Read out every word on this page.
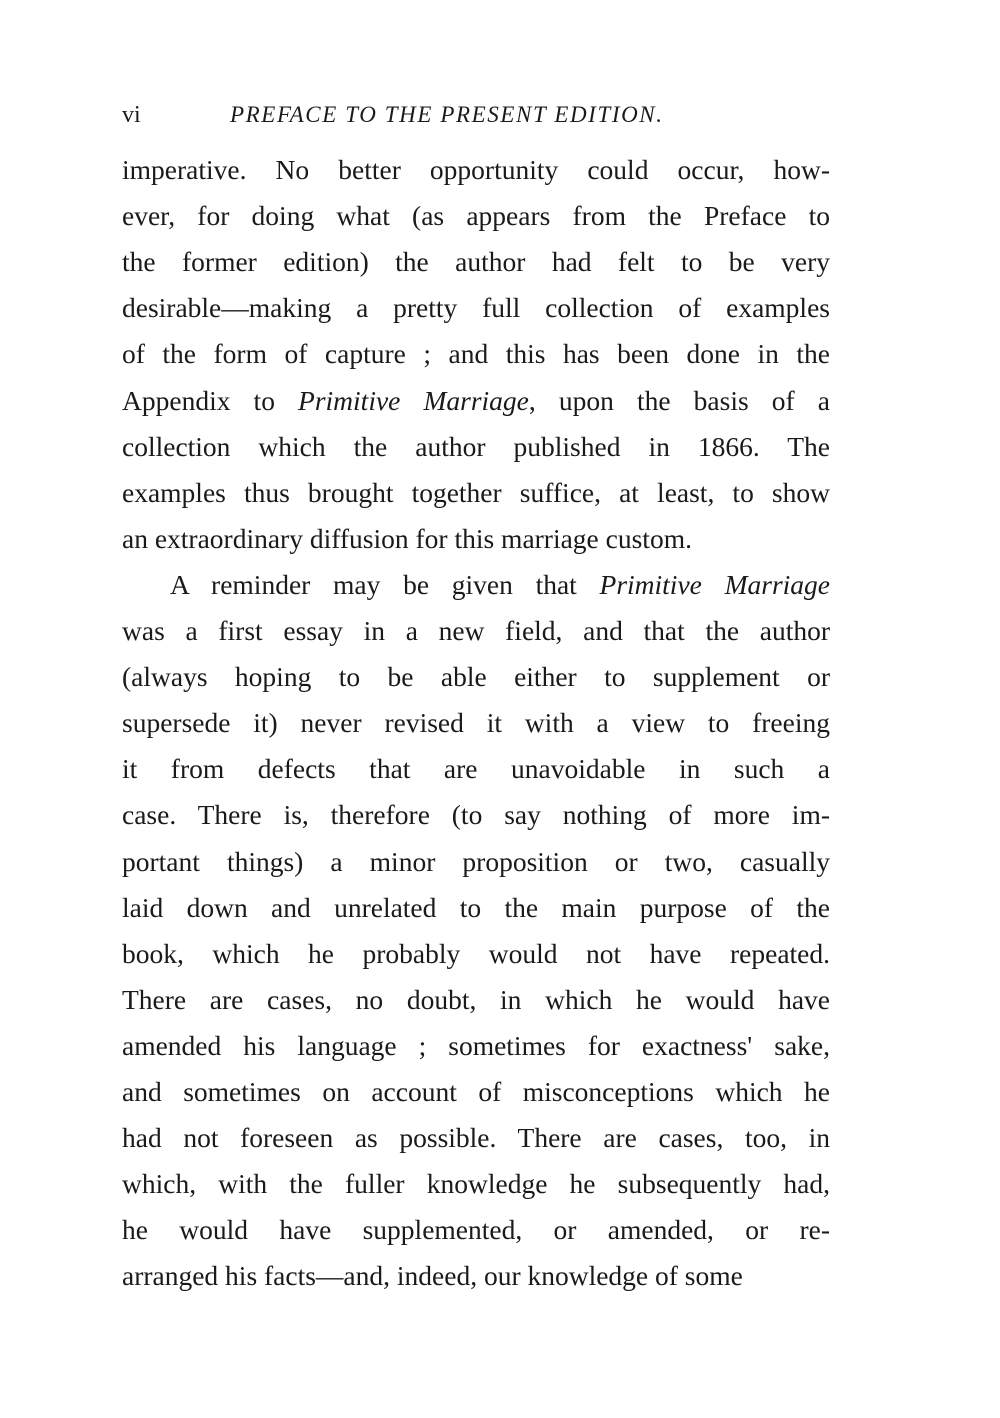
vi	PREFACE TO THE PRESENT EDITION.
imperative. No better opportunity could occur, how-
ever, for doing what (as appears from the Preface to
the former edition) the author had felt to be very
desirable—making a pretty full collection of examples
of the form of capture ; and this has been done in the
Appendix to Primitive Marriage, upon the basis of a
collection which the author published in 1866. The
examples thus brought together suffice, at least, to show
an extraordinary diffusion for this marriage custom.
A reminder may be given that Primitive Marriage
was a first essay in a new field, and that the author
(always hoping to be able either to supplement or
supersede it) never revised it with a view to freeing
it from defects that are unavoidable in such a
case. There is, therefore (to say nothing of more im-
portant things) a minor proposition or two, casually
laid down and unrelated to the main purpose of the
book, which he probably would not have repeated.
There are cases, no doubt, in which he would have
amended his language ; sometimes for exactness' sake,
and sometimes on account of misconceptions which he
had not foreseen as possible. There are cases, too, in
which, with the fuller knowledge he subsequently had,
he would have supplemented, or amended, or re-
arranged his facts—and, indeed, our knowledge of some
